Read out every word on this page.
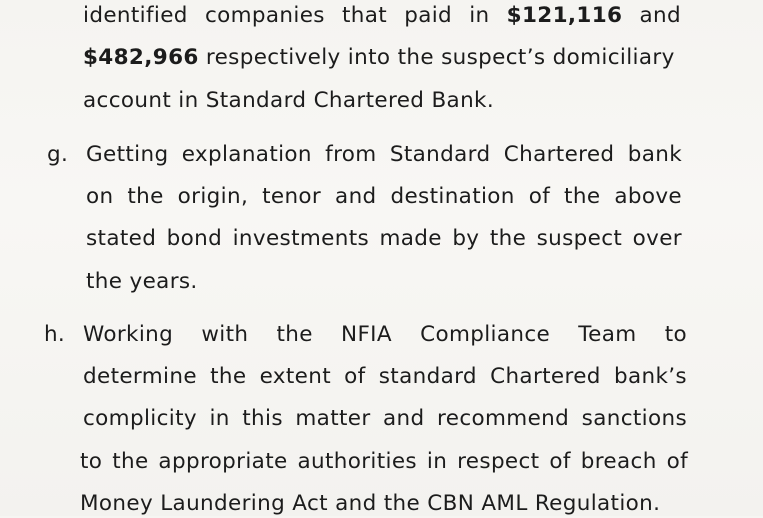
identified companies that paid in $121,116 and
$482,966 respectively into the suspect’s domiciliary
account in Standard Chartered Bank.
g. Getting explanation from Standard Chartered bank
on the origin, tenor and destination of the above
stated bond investments made by the suspect over
the years.
h. Working with the NFIA Compliance Team to
determine the extent of standard Chartered bank’s
complicity in this matter and recommend sanctions
to the appropriate authorities in respect of breach of
Money Laundering Act and the CBN AML Regulation.
